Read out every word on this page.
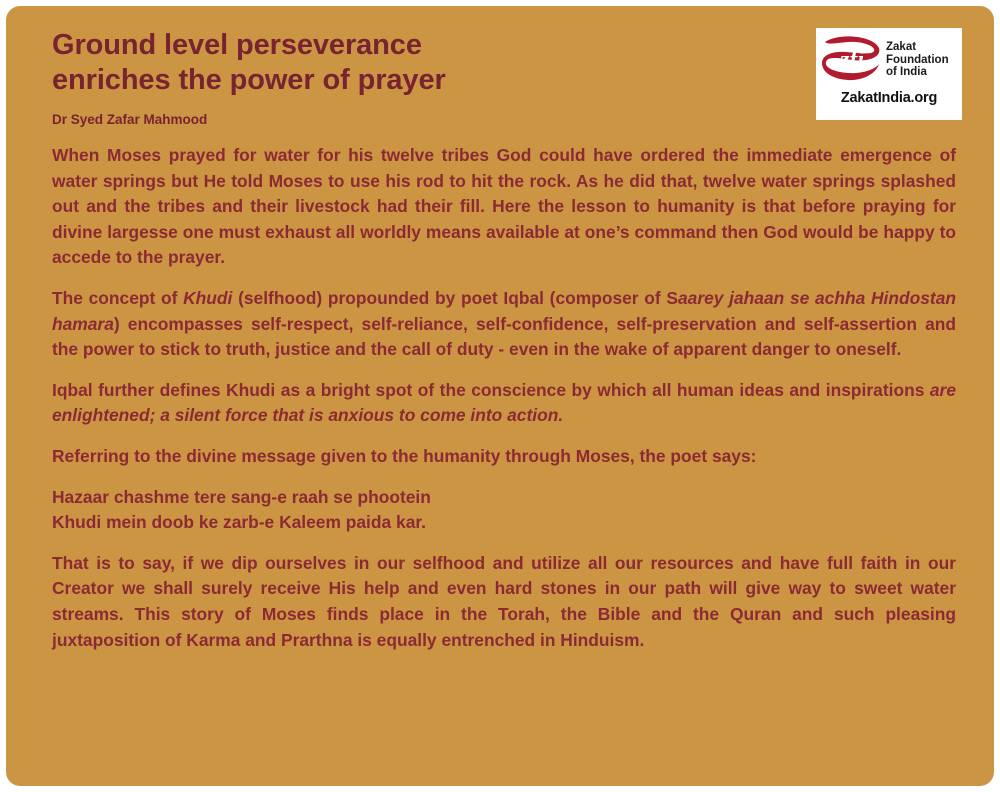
zfi Zakat
Foundation
of India
ZakatIndia.org
Ground level perseverance
enriches the power of prayer
Dr Syed Zafar Mahmood

When Moses prayed for water for his twelve tribes God could have ordered the immediate emergence of water springs but He told Moses to use his rod to hit the rock. As he did that, twelve water springs splashed out and the tribes and their livestock had their fill. Here the lesson to humanity is that before praying for divine largesse one must exhaust all worldly means available at one’s command then God would be happy to accede to the prayer.

The concept of Khudi (selfhood) propounded by poet Iqbal (composer of Saarey jahaan se achha Hindostan hamara) encompasses self-respect, self-reliance, self-confidence, self-preservation and self-assertion and the power to stick to truth, justice and the call of duty - even in the wake of apparent danger to oneself.

Iqbal further defines Khudi as a bright spot of the conscience by which all human ideas and inspirations are enlightened; a silent force that is anxious to come into action.

Referring to the divine message given to the humanity through Moses, the poet says:

Hazaar chashme tere sang-e raah se phootein
Khudi mein doob ke zarb-e Kaleem paida kar.

That is to say, if we dip ourselves in our selfhood and utilize all our resources and have full faith in our Creator we shall surely receive His help and even hard stones in our path will give way to sweet water streams. This story of Moses finds place in the Torah, the Bible and the Quran and such pleasing juxtaposition of Karma and Prarthna is equally entrenched in Hinduism.
